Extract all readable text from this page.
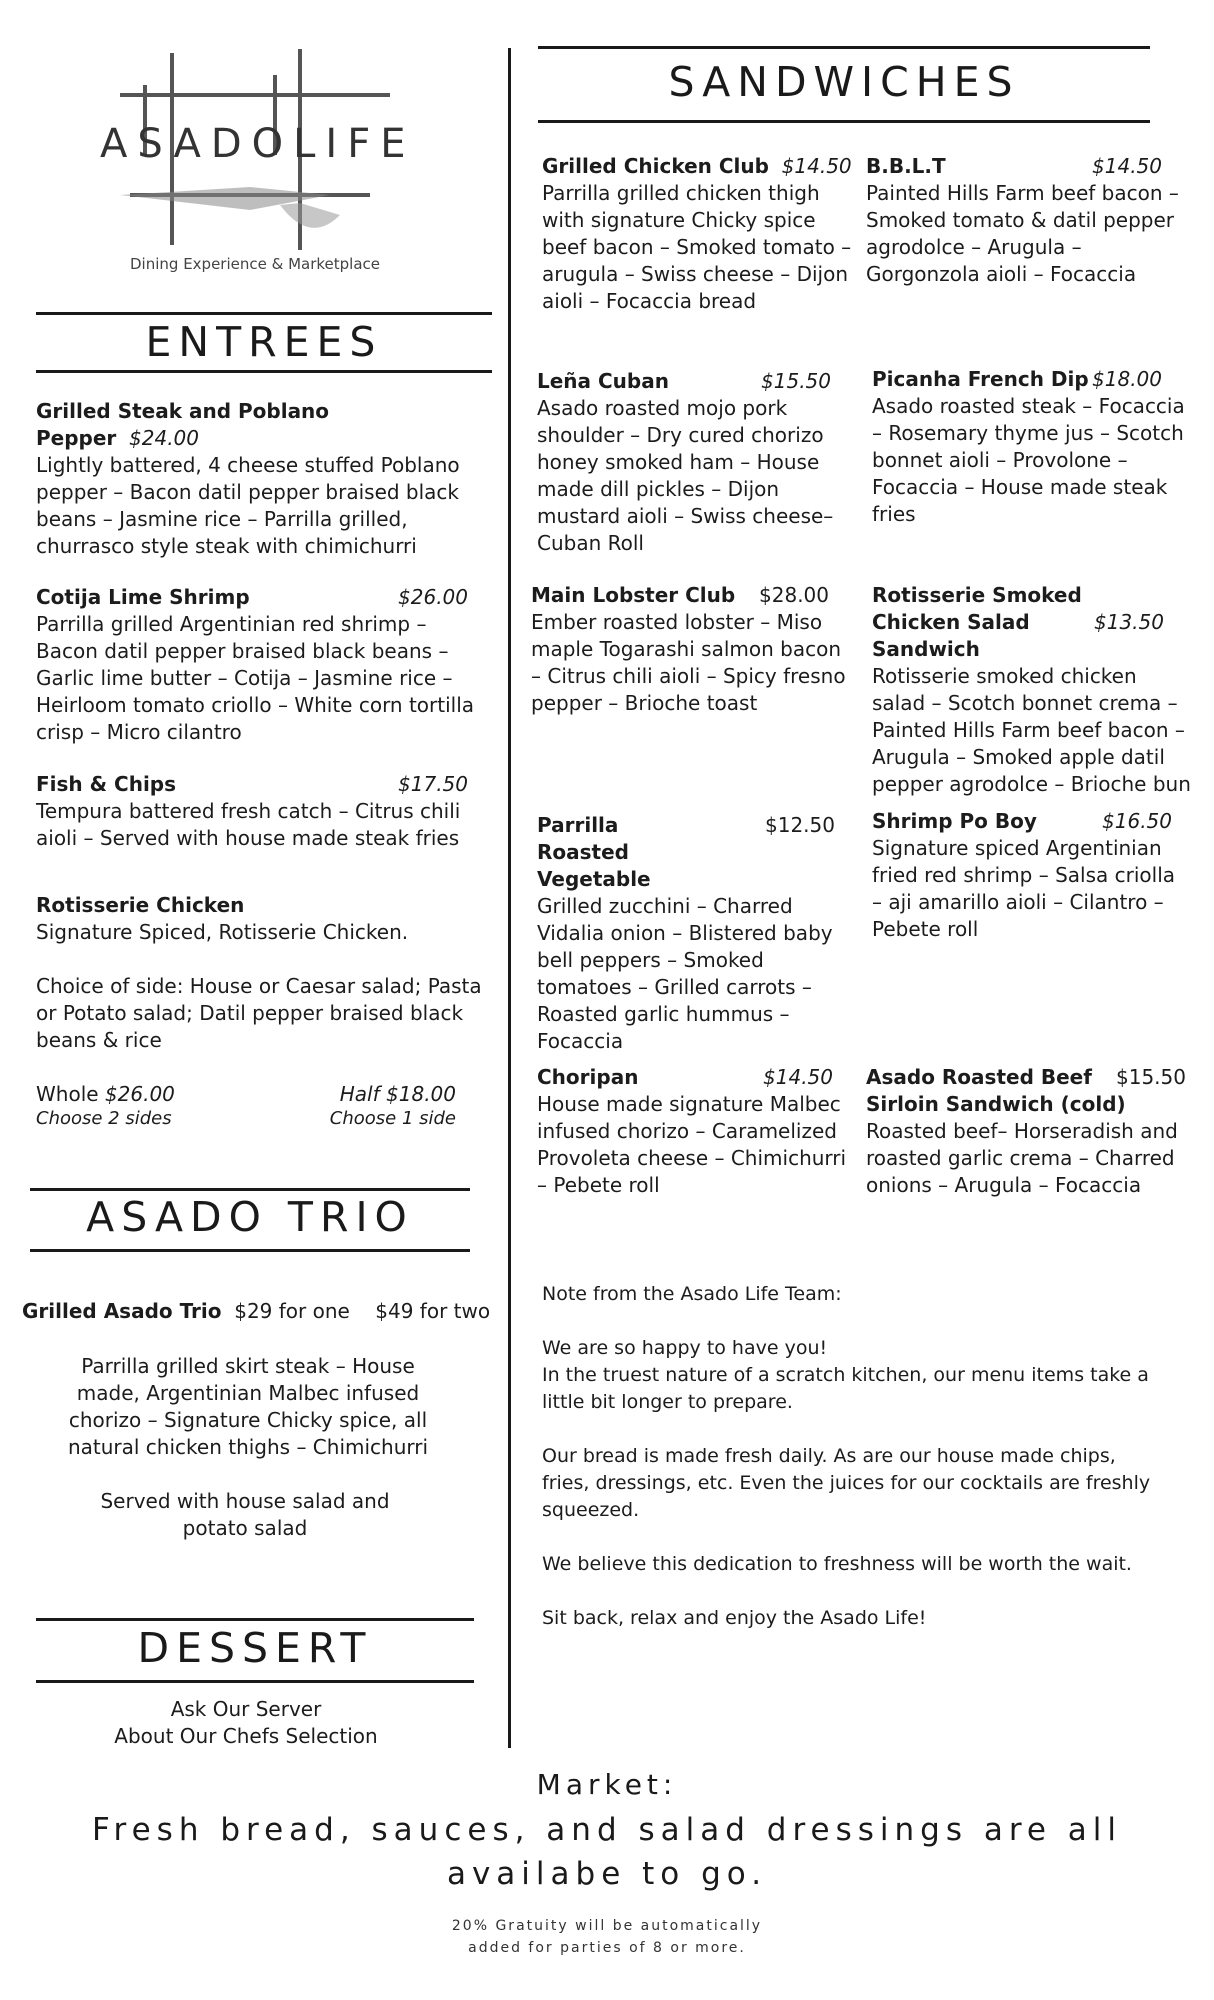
ASADOLIFE
Dining Experience & Marketplace
ENTREES
Grilled Steak and Poblano Pepper $24.00

Lightly battered, 4 cheese stuffed Poblano pepper – Bacon datil pepper braised black beans – Jasmine rice – Parrilla grilled, churrasco style steak with chimichurri

Cotija Lime Shrimp	$26.00

Parrilla grilled Argentinian red shrimp – Bacon datil pepper braised black beans – Garlic lime butter – Cotija – Jasmine rice – Heirloom tomato criollo – White corn tortilla crisp – Micro cilantro

Fish & Chips	$17.50

Tempura battered fresh catch – Citrus chili aioli – Served with house made steak fries

Rotisserie Chicken

Signature Spiced, Rotisserie Chicken.

Choice of side: House or Caesar salad; Pasta or Potato salad; Datil pepper braised black beans & rice

Whole $26.00	Half $18.00
Choose 2 sides	Choose 1 side
ASADO TRIO
Grilled Asado Trio $29 for one $49 for two
Parrilla grilled skirt steak – House made, Argentinian Malbec infused chorizo – Signature Chicky spice, all natural chicken thighs – Chimichurri
Served with house salad and potato salad
DESSERT
Ask Our Server
About Our Chefs Selection
SANDWICHES
Grilled Chicken Club $14.50

Parrilla grilled chicken thigh with signature Chicky spice beef bacon – Smoked tomato – arugula – Swiss cheese – Dijon aioli – Focaccia bread

B.B.L.T	$14.50

Painted Hills Farm beef bacon – Smoked tomato & datil pepper agrodolce – Arugula – Gorgonzola aioli – Focaccia

Leña Cuban	$15.50

Asado roasted mojo pork shoulder – Dry cured chorizo honey smoked ham – House made dill pickles – Dijon mustard aioli – Swiss cheese– Cuban Roll

Picanha French Dip $18.00

Asado roasted steak – Focaccia – Rosemary thyme jus – Scotch bonnet aioli – Provolone – Focaccia – House made steak fries

Main Lobster Club $28.00

Ember roasted lobster – Miso maple Togarashi salmon bacon – Citrus chili aioli – Spicy fresno pepper – Brioche toast

Rotisserie Smoked Chicken Salad Sandwich
$13.50

Rotisserie smoked chicken salad – Scotch bonnet crema – Painted Hills Farm beef bacon – Arugula – Smoked apple datil pepper agrodolce – Brioche bun

Parrilla Roasted Vegetable
$12.50

Grilled zucchini – Charred Vidalia onion – Blistered baby bell peppers – Smoked tomatoes – Grilled carrots – Roasted garlic hummus – Focaccia

Shrimp Po Boy	$16.50

Signature spiced Argentinian fried red shrimp – Salsa criolla – aji amarillo aioli – Cilantro – Pebete roll

Choripan	$14.50

House made signature Malbec infused chorizo – Caramelized Provoleta cheese – Chimichurri – Pebete roll

Asado Roasted Beef Sirloin Sandwich (cold)
$15.50

Roasted beef– Horseradish and roasted garlic crema – Charred onions – Arugula – Focaccia

Note from the Asado Life Team:

We are so happy to have you!

In the truest nature of a scratch kitchen, our menu items take a little bit longer to prepare.

Our bread is made fresh daily. As are our house made chips, fries, dressings, etc. Even the juices for our cocktails are freshly squeezed.

We believe this dedication to freshness will be worth the wait.

Sit back, relax and enjoy the Asado Life!

Market:
Fresh bread, sauces, and salad dressings are all
availabe to go.
20% Gratuity will be automatically
added for parties of 8 or more.
